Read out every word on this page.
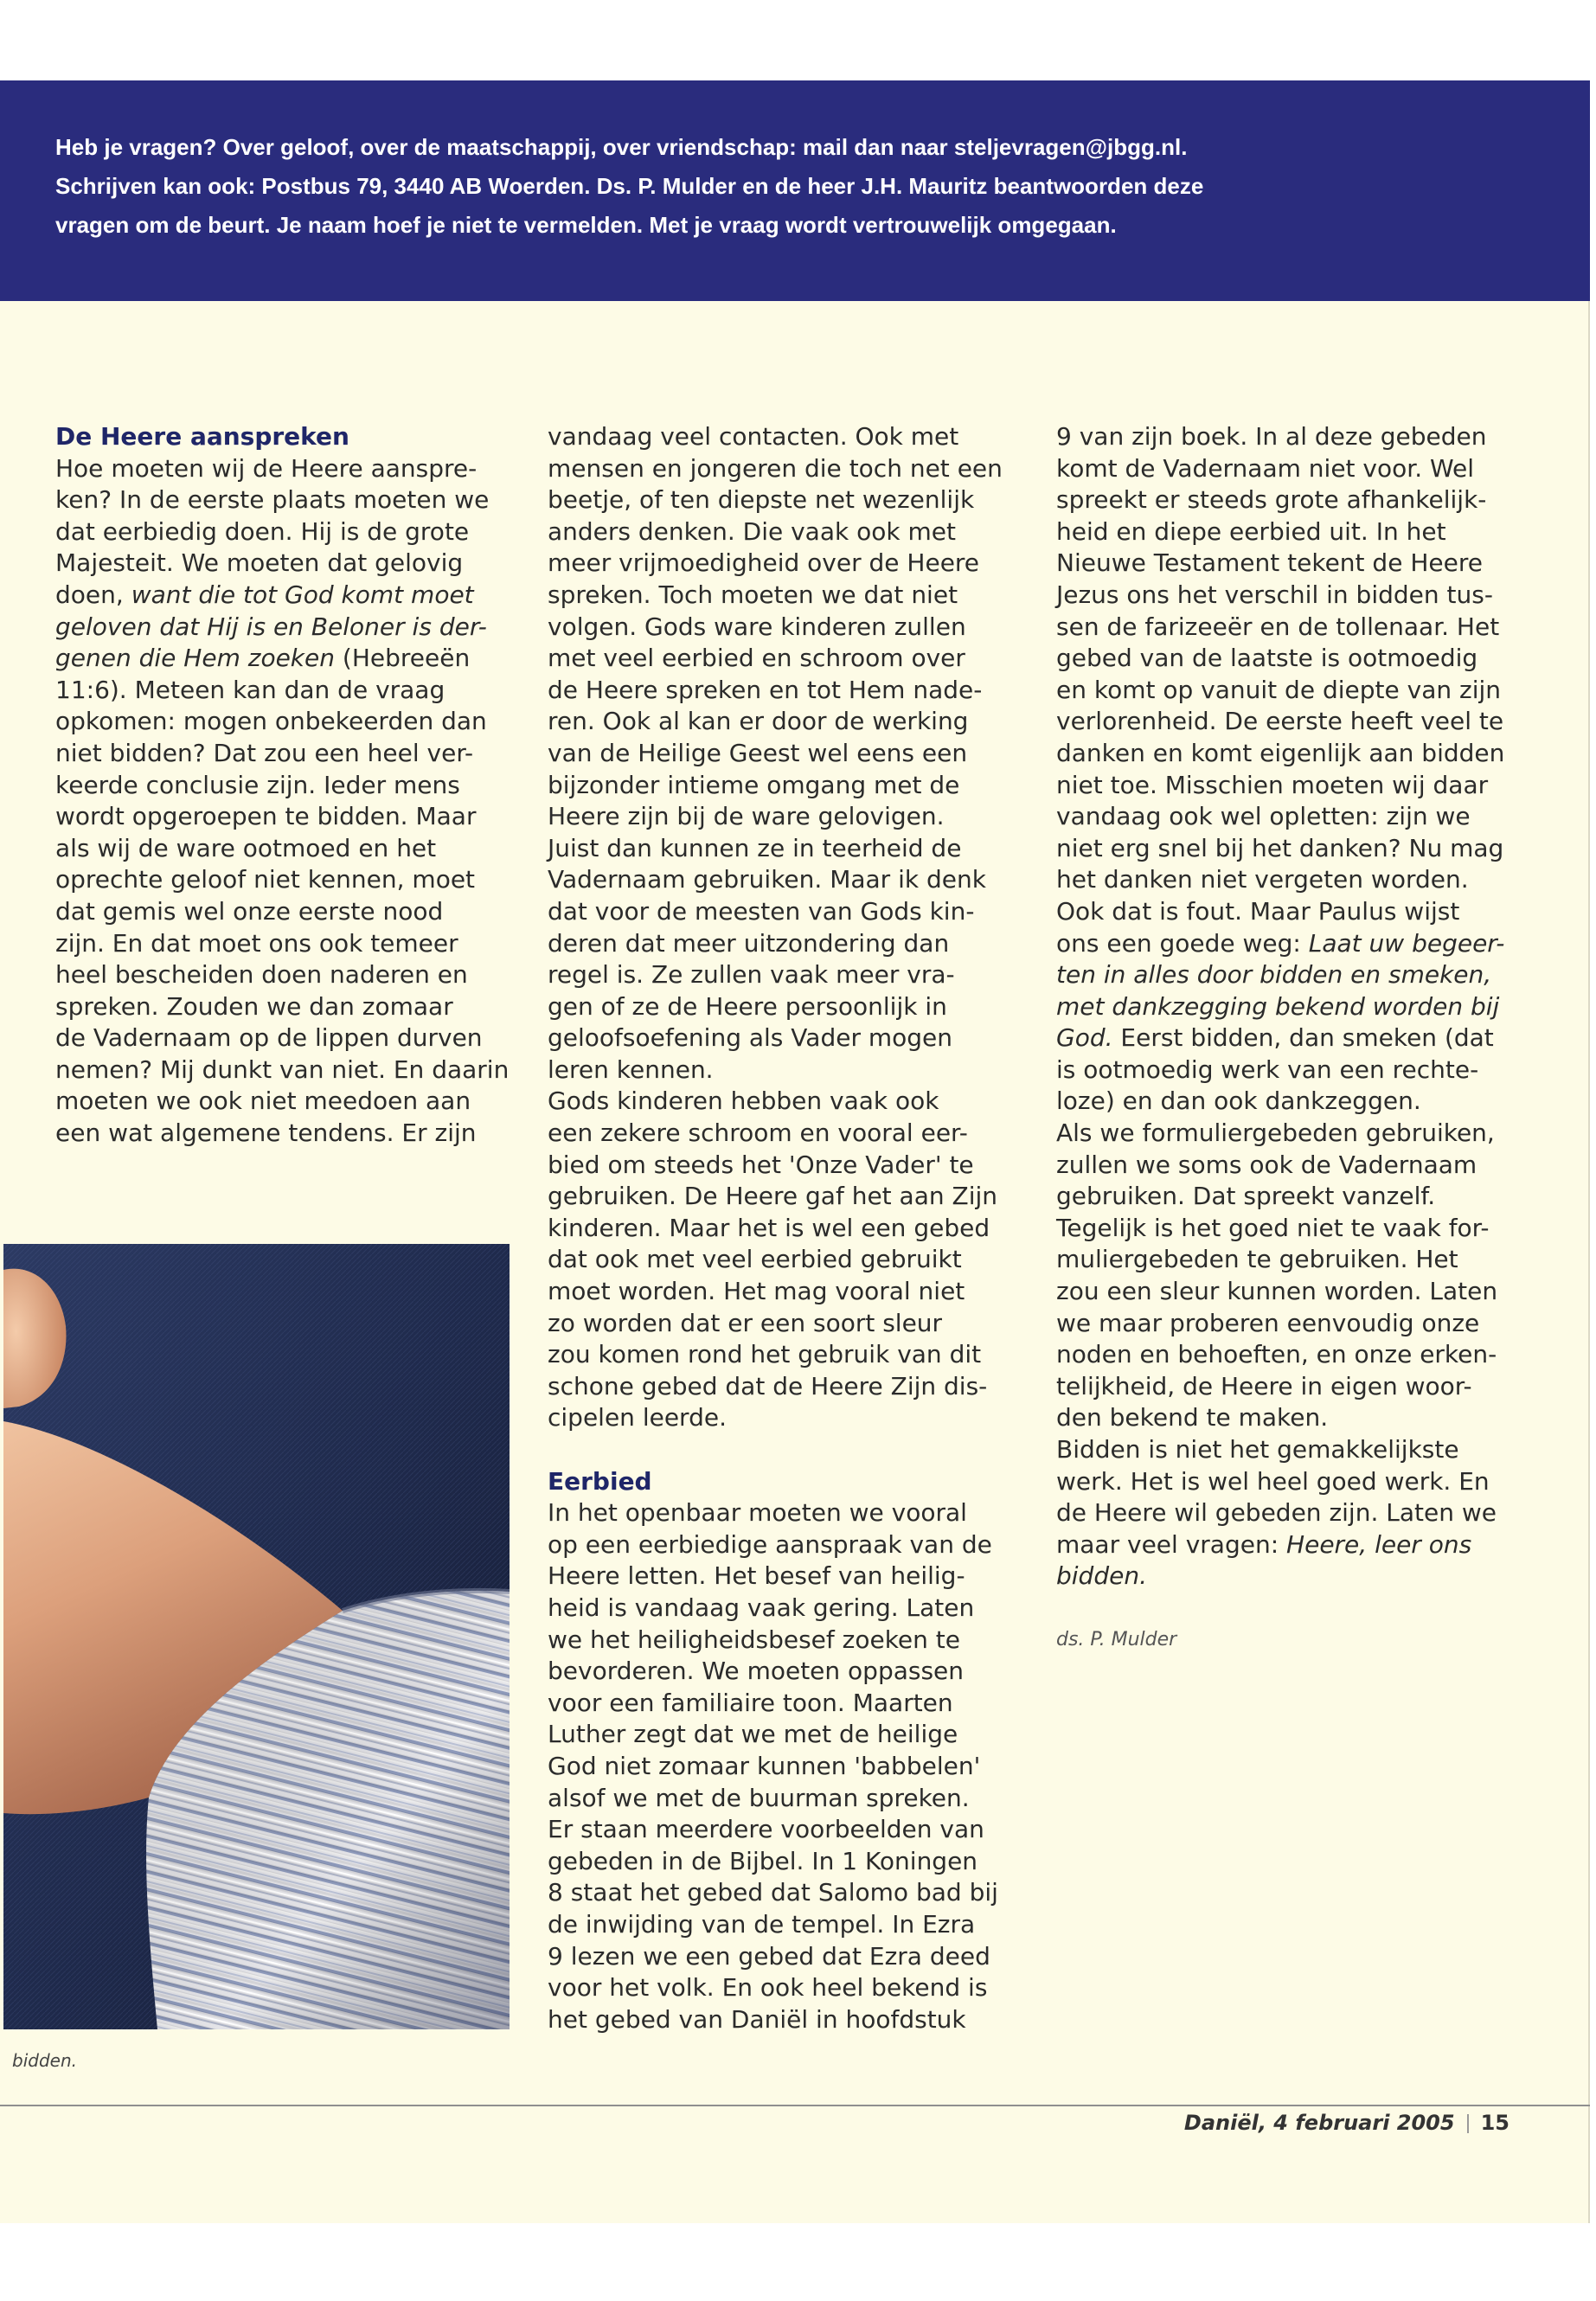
Heb je vragen? Over geloof, over de maatschappij, over vriendschap: mail dan naar steljevragen@jbgg.nl.

Schrijven kan ook: Postbus 79, 3440 AB Woerden. Ds. P. Mulder en de heer J.H. Mauritz beantwoorden deze

vragen om de beurt. Je naam hoef je niet te vermelden. Met je vraag wordt vertrouwelijk omgegaan.

De Heere aanspreken
Hoe moeten wij de Heere aanspre-
ken? In de eerste plaats moeten we
dat eerbiedig doen. Hij is de grote
Majesteit. We moeten dat gelovig
doen, want die tot God komt moet
geloven dat Hij is en Beloner is der-
genen die Hem zoeken (Hebreeën
11:6). Meteen kan dan de vraag
opkomen: mogen onbekeerden dan
niet bidden? Dat zou een heel ver-
keerde conclusie zijn. Ieder mens
wordt opgeroepen te bidden. Maar
als wij de ware ootmoed en het
oprechte geloof niet kennen, moet
dat gemis wel onze eerste nood
zijn. En dat moet ons ook temeer
heel bescheiden doen naderen en
spreken. Zouden we dan zomaar
de Vadernaam op de lippen durven
nemen? Mij dunkt van niet. En daarin
moeten we ook niet meedoen aan
een wat algemene tendens. Er zijn
vandaag veel contacten. Ook met
mensen en jongeren die toch net een
beetje, of ten diepste net wezenlijk
anders denken. Die vaak ook met
meer vrijmoedigheid over de Heere
spreken. Toch moeten we dat niet
volgen. Gods ware kinderen zullen
met veel eerbied en schroom over
de Heere spreken en tot Hem nade-
ren. Ook al kan er door de werking
van de Heilige Geest wel eens een
bijzonder intieme omgang met de
Heere zijn bij de ware gelovigen.
Juist dan kunnen ze in teerheid de
Vadernaam gebruiken. Maar ik denk
dat voor de meesten van Gods kin-
deren dat meer uitzondering dan
regel is. Ze zullen vaak meer vra-
gen of ze de Heere persoonlijk in
geloofsoefening als Vader mogen
leren kennen.
Gods kinderen hebben vaak ook
een zekere schroom en vooral eer-
bied om steeds het 'Onze Vader' te
gebruiken. De Heere gaf het aan Zijn
kinderen. Maar het is wel een gebed
dat ook met veel eerbied gebruikt
moet worden. Het mag vooral niet
zo worden dat er een soort sleur
zou komen rond het gebruik van dit
schone gebed dat de Heere Zijn dis-
cipelen leerde.
Eerbied
In het openbaar moeten we vooral
op een eerbiedige aanspraak van de
Heere letten. Het besef van heilig-
heid is vandaag vaak gering. Laten
we het heiligheidsbesef zoeken te
bevorderen. We moeten oppassen
voor een familiaire toon. Maarten
Luther zegt dat we met de heilige
God niet zomaar kunnen 'babbelen'
alsof we met de buurman spreken.
Er staan meerdere voorbeelden van
gebeden in de Bijbel. In 1 Koningen
8 staat het gebed dat Salomo bad bij
de inwijding van de tempel. In Ezra
9 lezen we een gebed dat Ezra deed
voor het volk. En ook heel bekend is
het gebed van Daniël in hoofdstuk
9 van zijn boek. In al deze gebeden
komt de Vadernaam niet voor. Wel
spreekt er steeds grote afhankelijk-
heid en diepe eerbied uit. In het
Nieuwe Testament tekent de Heere
Jezus ons het verschil in bidden tus-
sen de farizeeër en de tollenaar. Het
gebed van de laatste is ootmoedig
en komt op vanuit de diepte van zijn
verlorenheid. De eerste heeft veel te
danken en komt eigenlijk aan bidden
niet toe. Misschien moeten wij daar
vandaag ook wel opletten: zijn we
niet erg snel bij het danken? Nu mag
het danken niet vergeten worden.
Ook dat is fout. Maar Paulus wijst
ons een goede weg: Laat uw begeer-
ten in alles door bidden en smeken,
met dankzegging bekend worden bij
God. Eerst bidden, dan smeken (dat
is ootmoedig werk van een rechte-
loze) en dan ook dankzeggen.
Als we formuliergebeden gebruiken,
zullen we soms ook de Vadernaam
gebruiken. Dat spreekt vanzelf.
Tegelijk is het goed niet te vaak for-
muliergebeden te gebruiken. Het
zou een sleur kunnen worden. Laten
we maar proberen eenvoudig onze
noden en behoeften, en onze erken-
telijkheid, de Heere in eigen woor-
den bekend te maken.
Bidden is niet het gemakkelijkste
werk. Het is wel heel goed werk. En
de Heere wil gebeden zijn. Laten we
maar veel vragen: Heere, leer ons
bidden.
ds. P. Mulder
bidden.
Daniël, 4 februari 2005 15
